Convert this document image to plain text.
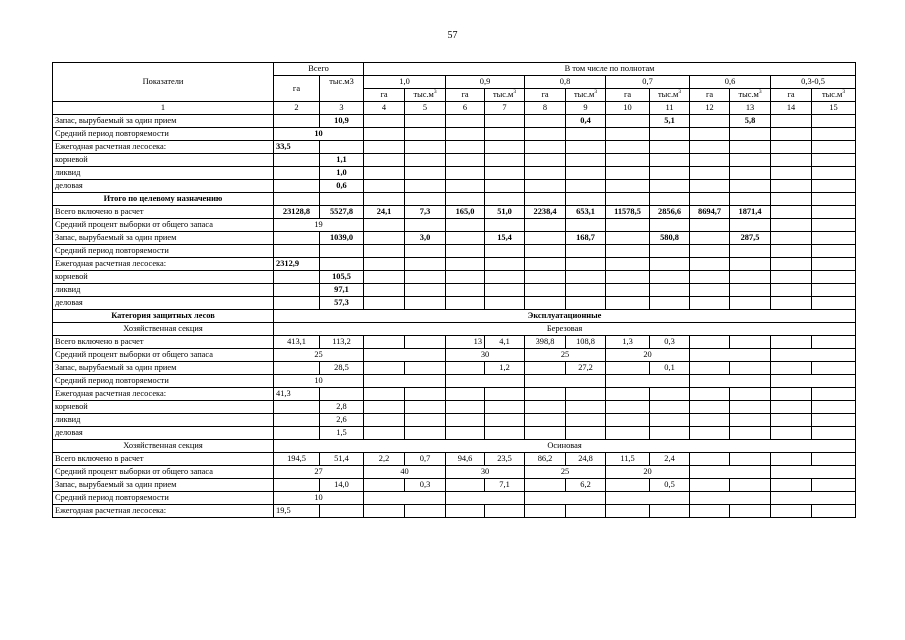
57
Показатели	Всего		В том числе по полнотам											
	га	тыс.м3	1,0		0,9		0,8		0,7		0,6		0,3-0,5	
			га	$тыс.м^3$	га	$тыс.м^3$	га	$тыс.м^3$	га	$тыс.м^3$	га	$тыс.м^3$	га	$тыс.м^3$
1	2	3	4	5	6	7	8	9	10	11	12	13	14	15
Запас, вырубаемый за один прием		10,9						0,4		5,1		5,8		
Средний период повторяемости	10													
Ежегодная расчетная лесосека:	33,5													
корневой		1,1												
ликвид		1,0												
деловая		0,6												
Итого по целевому назначению														
Всего включено в расчет	23128,8	5527,8	24,1	7,3	165,0	51,0	2238,4	653,1	11578,5	2856,6	8694,7	1871,4		
Средний процент выборки от общего запаса	19													
Запас, вырубаемый за один прием		1039,0		3,0		15,4		168,7		580,8		287,5		
Средний период повторяемости														
Ежегодная расчетная лесосека:	2312,9													
корневой		105,5												
ликвид		97,1												
деловая		57,3												
Категория защитных лесов	Эксплуатационные													
Хозяйственная секция	Березовая													
Всего включено в расчет	413,1	113,2			13	4,1	398,8	108,8	1,3	0,3				
Средний процент выборки от общего запаса	25				30		25		20					
Запас, вырубаемый за один прием		28,5				1,2		27,2		0,1				
Средний период повторяемости	10													
Ежегодная расчетная лесосека:	41,3													
корневой		2,8												
ликвид		2,6												
деловая		1,5												
Хозяйственная секция	Осиновая													
Всего включено в расчет	194,5	51,4	2,2	0,7	94,6	23,5	86,2	24,8	11,5	2,4				
Средний процент выборки от общего запаса	27		40		30		25		20					
Запас, вырубаемый за один прием		14,0		0,3		7,1		6,2		0,5				
Средний период повторяемости	10													
Ежегодная расчетная лесосека:	19,5													
